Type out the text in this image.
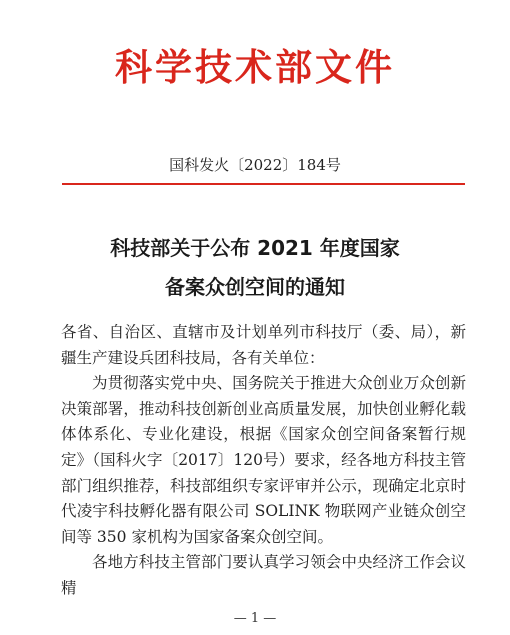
科学技术部文件
国科发火〔2022〕184号
科技部关于公布 2021 年度国家
备案众创空间的通知

各省、自治区、直辖市及计划单列市科技厅（委、局），新疆生产建设兵团科技局，各有关单位：

为贯彻落实党中央、国务院关于推进大众创业万众创新决策部署，推动科技创新创业高质量发展，加快创业孵化载体体系化、专业化建设，根据《国家众创空间备案暂行规定》（国科火字〔2017〕120号）要求，经各地方科技主管部门组织推荐，科技部组织专家评审并公示，现确定北京时代凌宇科技孵化器有限公司 SOLINK 物联网产业链众创空间等 350 家机构为国家备案众创空间。

各地方科技主管部门要认真学习领会中央经济工作会议精

— 1 —
